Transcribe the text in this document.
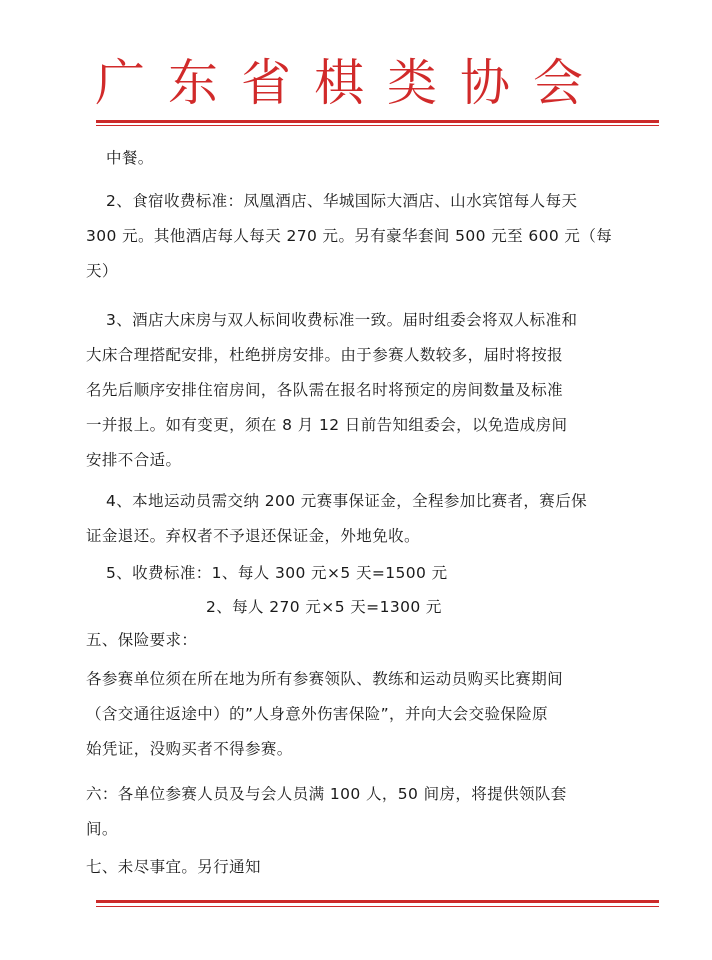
广东省棋类协会
中餐。
2、食宿收费标准：凤凰酒店、华城国际大酒店、山水宾馆每人每天
300 元。其他酒店每人每天 270 元。另有豪华套间 500 元至 600 元（每
天）
3、酒店大床房与双人标间收费标准一致。届时组委会将双人标准和
大床合理搭配安排，杜绝拼房安排。由于参赛人数较多，届时将按报
名先后顺序安排住宿房间，各队需在报名时将预定的房间数量及标准
一并报上。如有变更，须在 8 月 12 日前告知组委会，以免造成房间
安排不合适。
4、本地运动员需交纳 200 元赛事保证金，全程参加比赛者，赛后保
证金退还。弃权者不予退还保证金，外地免收。
5、收费标准：1、每人 300 元×5 天=1500 元
2、每人 270 元×5 天=1300 元
五、保险要求：
各参赛单位须在所在地为所有参赛领队、教练和运动员购买比赛期间
（含交通往返途中）的”人身意外伤害保险”，并向大会交验保险原
始凭证，没购买者不得参赛。
六：各单位参赛人员及与会人员满 100 人，50 间房，将提供领队套
间。
七、未尽事宜。另行通知
